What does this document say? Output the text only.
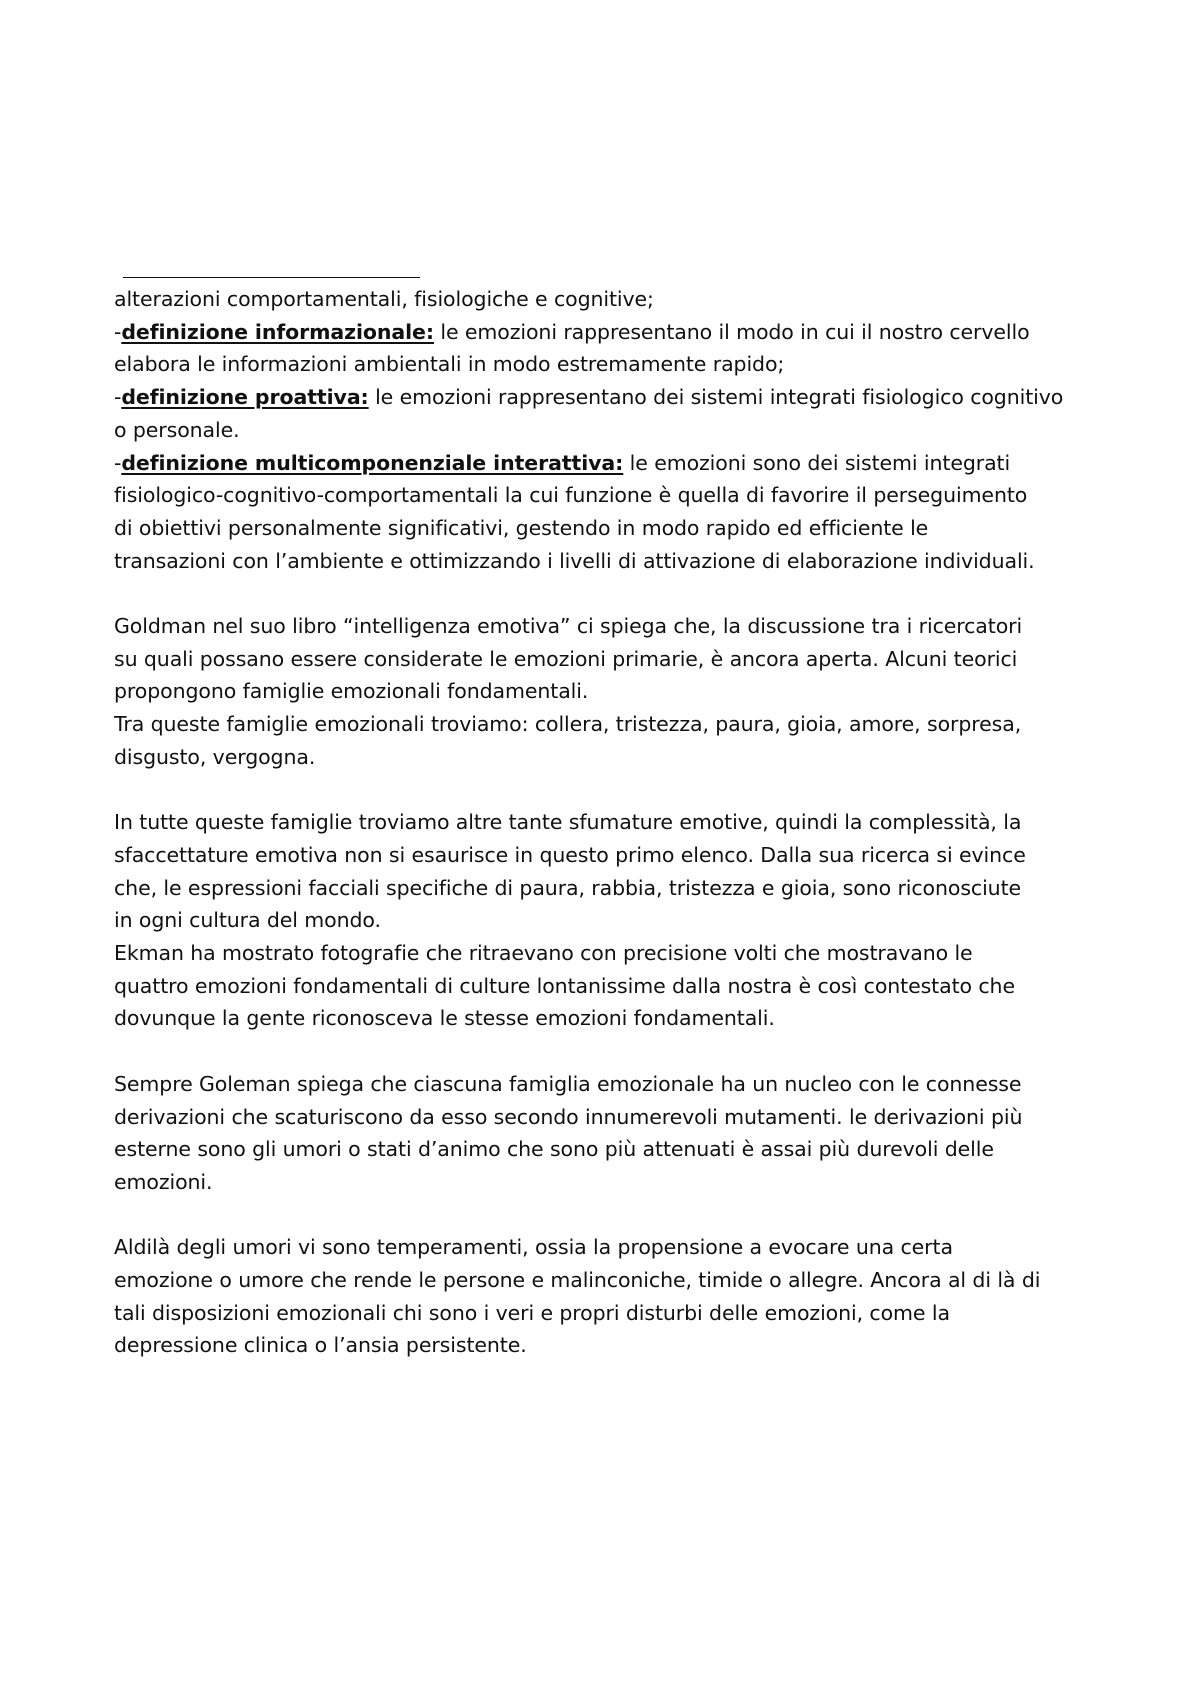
alterazioni comportamentali, fisiologiche e cognitive;

-definizione informazionale: le emozioni rappresentano il modo in cui il nostro cervello

elabora le informazioni ambientali in modo estremamente rapido;

-definizione proattiva: le emozioni rappresentano dei sistemi integrati fisiologico cognitivo

o personale.

-definizione multicomponenziale interattiva: le emozioni sono dei sistemi integrati

fisiologico-cognitivo-comportamentali la cui funzione è quella di favorire il perseguimento

di obiettivi personalmente significativi, gestendo in modo rapido ed efficiente le

transazioni con l’ambiente e ottimizzando i livelli di attivazione di elaborazione individuali.

Goldman nel suo libro “intelligenza emotiva” ci spiega che, la discussione tra i ricercatori

su quali possano essere considerate le emozioni primarie, è ancora aperta. Alcuni teorici

propongono famiglie emozionali fondamentali.

Tra queste famiglie emozionali troviamo: collera, tristezza, paura, gioia, amore, sorpresa,

disgusto, vergogna.

In tutte queste famiglie troviamo altre tante sfumature emotive, quindi la complessità, la

sfaccettature emotiva non si esaurisce in questo primo elenco. Dalla sua ricerca si evince

che, le espressioni facciali specifiche di paura, rabbia, tristezza e gioia, sono riconosciute

in ogni cultura del mondo.

Ekman ha mostrato fotografie che ritraevano con precisione volti che mostravano le

quattro emozioni fondamentali di culture lontanissime dalla nostra è così contestato che

dovunque la gente riconosceva le stesse emozioni fondamentali.

Sempre Goleman spiega che ciascuna famiglia emozionale ha un nucleo con le connesse

derivazioni che scaturiscono da esso secondo innumerevoli mutamenti. le derivazioni più

esterne sono gli umori o stati d’animo che sono più attenuati è assai più durevoli delle

emozioni.

Aldilà degli umori vi sono temperamenti, ossia la propensione a evocare una certa

emozione o umore che rende le persone e malinconiche, timide o allegre. Ancora al di là di

tali disposizioni emozionali chi sono i veri e propri disturbi delle emozioni, come la

depressione clinica o l’ansia persistente.
